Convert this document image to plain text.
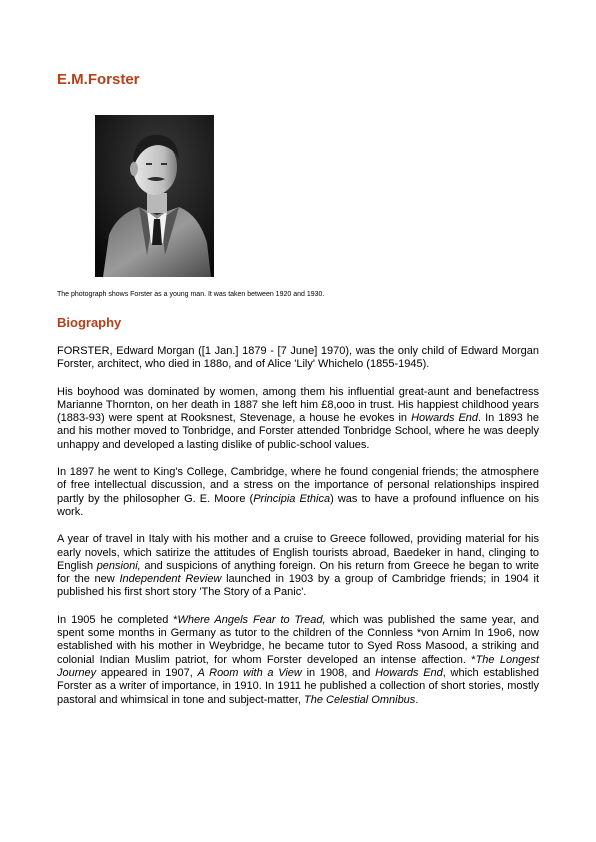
E.M.Forster

The photograph shows Forster as a young man. It was taken between 1920 and 1930.

Biography

FORSTER, Edward Morgan ([1 Jan.] 1879 - [7 June] 1970), was the only child of Edward Morgan Forster, architect, who died in 188o, and of Alice 'Lily' Whichelo (1855-1945).

His boyhood was dominated by women, among them his influential great-aunt and benefactress Marianne Thornton, on her death in 1887 she left him £8,ooo in trust. His happiest childhood years (1883-93) were spent at Rooksnest, Stevenage, a house he evokes in Howards End. In 1893 he and his mother moved to Tonbridge, and Forster attended Tonbridge School, where he was deeply unhappy and developed a lasting dislike of public-school values.

In 1897 he went to King's College, Cambridge, where he found congenial friends; the atmosphere of free intellectual discussion, and a stress on the importance of personal relationships inspired partly by the philosopher G. E. Moore (Principia Ethica) was to have a profound influence on his work.

A year of travel in Italy with his mother and a cruise to Greece followed, providing material for his early novels, which satirize the attitudes of English tourists abroad, Baedeker in hand, clinging to English pensioni, and suspicions of anything foreign. On his return from Greece he began to write for the new Independent Review launched in 1903 by a group of Cambridge friends; in 1904 it published his first short story 'The Story of a Panic'.

In 1905 he completed *Where Angels Fear to Tread, which was published the same year, and spent some months in Germany as tutor to the children of the Connless *von Arnim In 19o6, now established with his mother in Weybridge, he became tutor to Syed Ross Masood, a striking and colonial Indian Muslim patriot, for whom Forster developed an intense affection. *The Longest Journey appeared in 1907, A Room with a View in 1908, and Howards End, which established Forster as a writer of importance, in 1910. In 1911 he published a collection of short stories, mostly pastoral and whimsical in tone and subject-matter, The Celestial Omnibus.
